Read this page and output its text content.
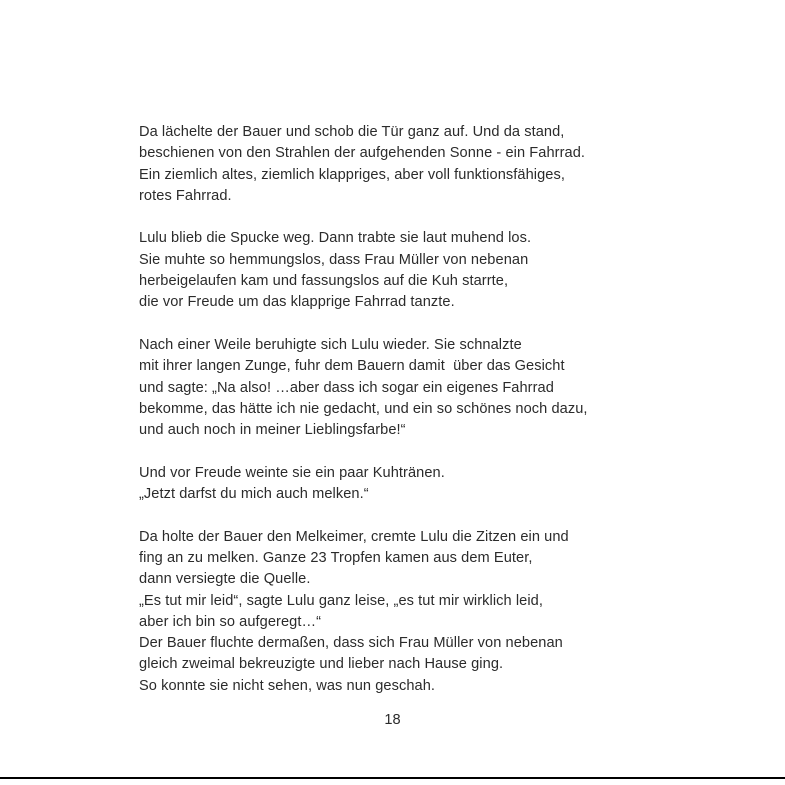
Da lächelte der Bauer und schob die Tür ganz auf. Und da stand,
beschienen von den Strahlen der aufgehenden Sonne - ein Fahrrad.
Ein ziemlich altes, ziemlich klappriges, aber voll funktionsfähiges,
rotes Fahrrad.

Lulu blieb die Spucke weg. Dann trabte sie laut muhend los.
Sie muhte so hemmungslos, dass Frau Müller von nebenan
herbeigelaufen kam und fassungslos auf die Kuh starrte,
die vor Freude um das klapprige Fahrrad tanzte.

Nach einer Weile beruhigte sich Lulu wieder. Sie schnalzte
mit ihrer langen Zunge, fuhr dem Bauern damit  über das Gesicht
und sagte: „Na also! …aber dass ich sogar ein eigenes Fahrrad
bekomme, das hätte ich nie gedacht, und ein so schönes noch dazu,
und auch noch in meiner Lieblingsfarbe!“

Und vor Freude weinte sie ein paar Kuhtränen.
„Jetzt darfst du mich auch melken.“

Da holte der Bauer den Melkeimer, cremte Lulu die Zitzen ein und
fing an zu melken. Ganze 23 Tropfen kamen aus dem Euter,
dann versiegte die Quelle.
„Es tut mir leid“, sagte Lulu ganz leise, „es tut mir wirklich leid,
aber ich bin so aufgeregt…“
Der Bauer fluchte dermaßen, dass sich Frau Müller von nebenan
gleich zweimal bekreuzigte und lieber nach Hause ging.
So konnte sie nicht sehen, was nun geschah.

18
